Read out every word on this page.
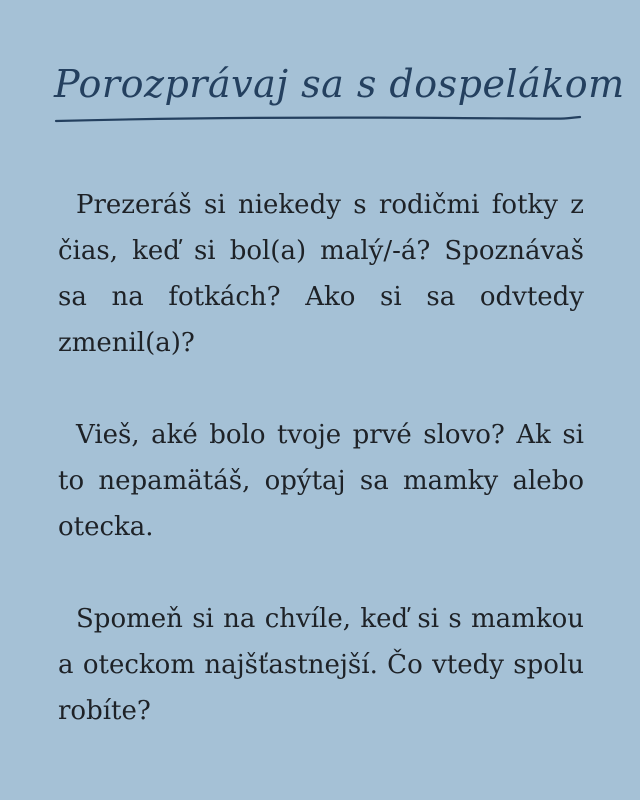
Porozprávaj sa s dospelákom

Prezeráš si niekedy s rodičmi fotky z čias, keď si bol(a) malý/-á? Spoznávaš sa na fotkách? Ako si sa odvtedy zmenil(a)?

Vieš, aké bolo tvoje prvé slovo? Ak si to nepamätáš, opýtaj sa mamky alebo otecka.

Spomeň si na chvíle, keď si s mamkou a oteckom najšťastnejší. Čo vtedy spolu robíte?
